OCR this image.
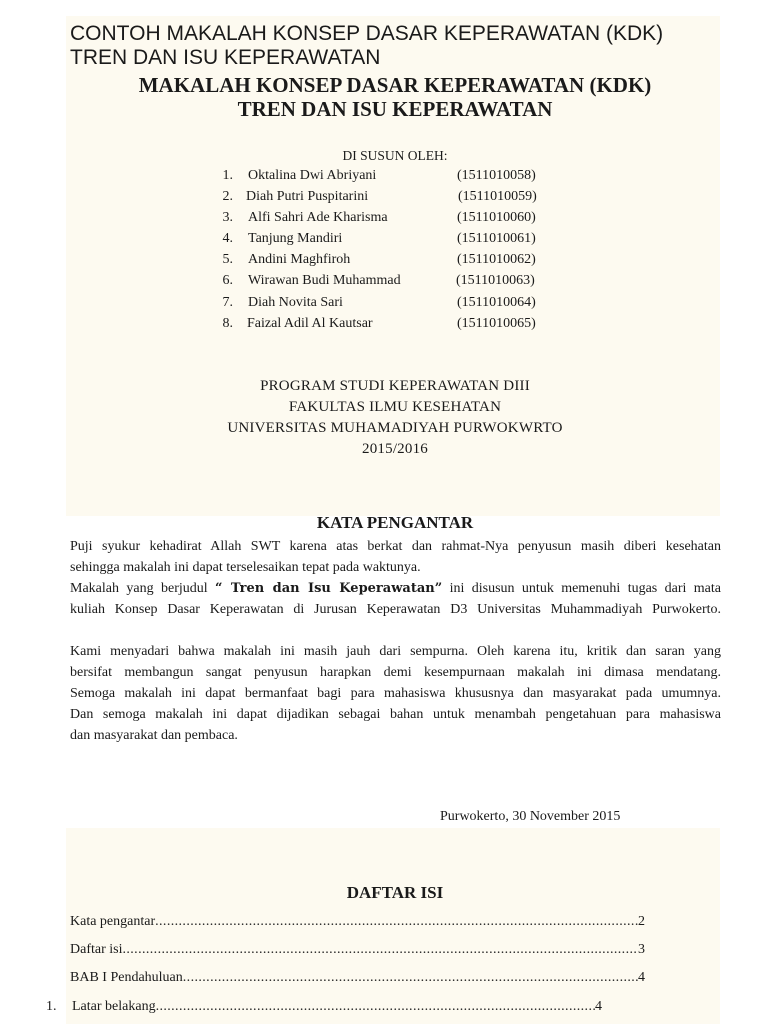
CONTOH MAKALAH KONSEP DASAR KEPERAWATAN (KDK) TREN DAN ISU KEPERAWATAN
MAKALAH KONSEP DASAR KEPERAWATAN (KDK)
TREN DAN ISU KEPERAWATAN
DI SUSUN OLEH:
1. Oktalina Dwi Abriyani	(1511010058)
2. Diah Putri Puspitarini	(1511010059)
3. Alfi Sahri Ade Kharisma	(1511010060)
4. Tanjung Mandiri	(1511010061)
5. Andini Maghfiroh	(1511010062)
6. Wirawan Budi Muhammad	(1511010063)
7. Diah Novita Sari	(1511010064)
8. Faizal Adil Al Kautsar	(1511010065)
PROGRAM STUDI KEPERAWATAN DIII
FAKULTAS ILMU KESEHATAN
UNIVERSITAS MUHAMADIYAH PURWOKWRTO
2015/2016
KATA PENGANTAR
Puji syukur kehadirat Allah SWT karena atas berkat dan rahmat-Nya penyusun masih diberi kesehatan
sehingga makalah ini dapat terselesaikan tepat pada waktunya.
Makalah yang berjudul “ Tren dan Isu Keperawatan” ini disusun untuk memenuhi tugas dari mata
kuliah Konsep Dasar Keperawatan di Jurusan Keperawatan D3 Universitas Muhammadiyah Purwokerto.
Kami menyadari bahwa makalah ini masih jauh dari sempurna. Oleh karena itu, kritik dan saran yang
bersifat membangun sangat penyusun harapkan demi kesempurnaan makalah ini dimasa mendatang.
Semoga makalah ini dapat bermanfaat bagi para mahasiswa khususnya dan masyarakat pada umumnya.
Dan semoga makalah ini dapat dijadikan sebagai bahan untuk menambah pengetahuan para mahasiswa
dan masyarakat dan pembaca.
Purwokerto, 30 November 2015
DAFTAR ISI
Kata pengantar .....	2
Daftar isi .....	3
BAB I Pendahuluan .....	4
1. Latar belakang .....	4
